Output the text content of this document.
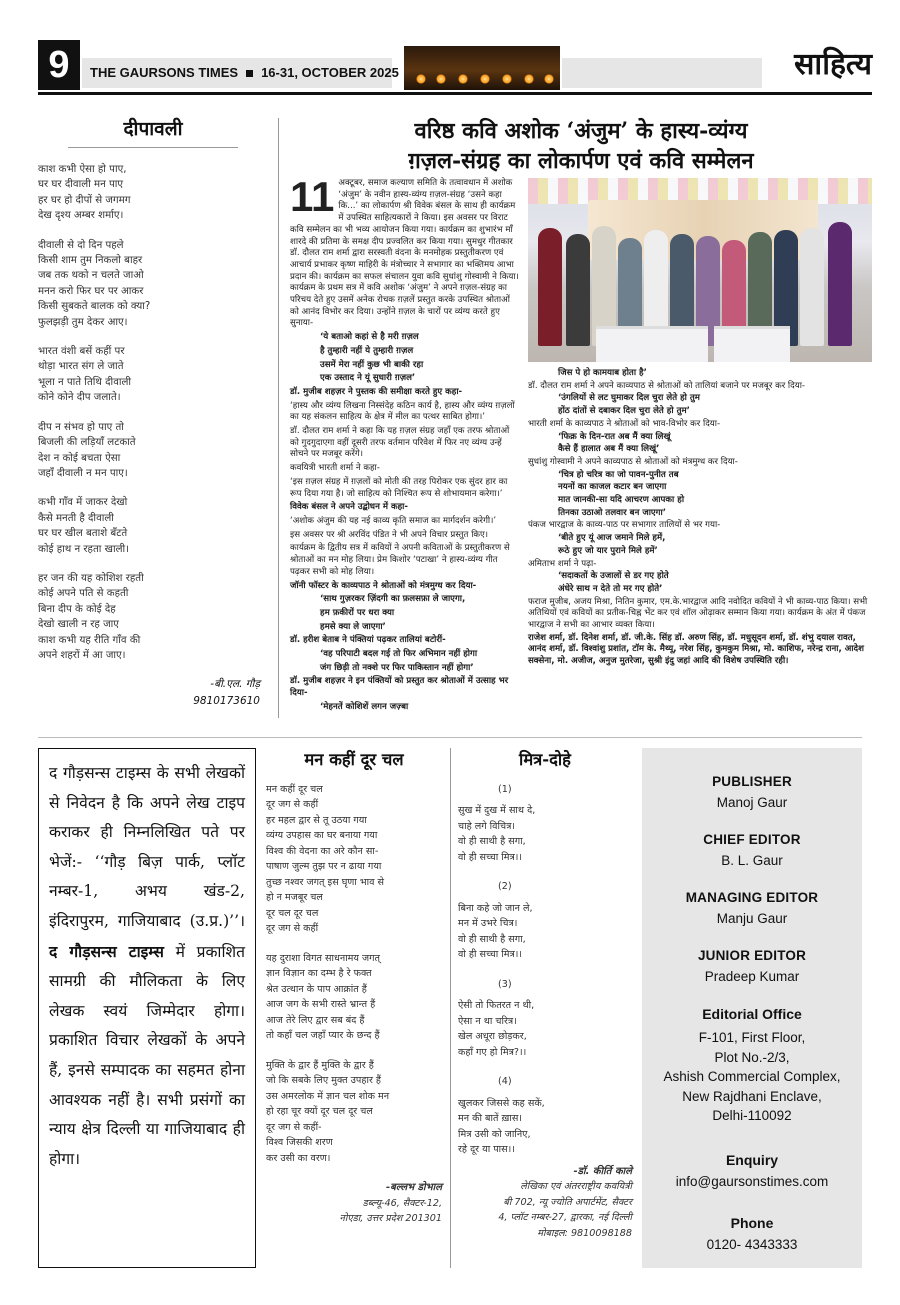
9	THE GAURSONS TIMES 16-31, OCTOBER 2025	साहित्य
दीपावली
काश कभी ऐसा हो पाए,
घर घर दीवाली मन पाए
हर घर हो दीपों से जगमग
देख दृश्य अम्बर शर्माए।
दीवाली से दो दिन पहले
किसी शाम तुम निकलो बाहर
जब तक थको न चलते जाओ
मनन करो फिर घर पर आकर
किसी सुबकते बालक को क्या?
फुलझड़ी तुम देकर आए।
भारत वंशी बसें कहीं पर
थोड़ा भारत संग ले जाते
भूला न पाते तिथि दीवाली
कोने कोने दीप जलाते।
दीप न संभव हो पाए तो
बिजली की लड़ियाँ लटकाते
देश न कोई बचता ऐसा
जहाँ दीवाली न मन पाए।
कभी गाँव में जाकर देखो
कैसे मनती है दीवाली
घर घर खील बताशे बँटते
कोई हाथ न रहता खाली।
हर जन की यह कोशिश रहती
कोई अपने पति से कहती
बिना दीप के कोई देह
देखो खाली न रह जाए
काश कभी यह रीति गाँव की
अपने शहरों में आ जाए।
-बी.एल. गौड़
9810173610
वरिष्ठ कवि अशोक ‘अंजुम’ के हास्य-व्यंग्य
ग़ज़ल-संग्रह का लोकार्पण एवं कवि सम्मेलन

11 अक्टूबर, समाज कल्याण समिति के तत्वावधान में अशोक ‘अंजुम’ के नवीन हास्य-व्यंग्य ग़ज़ल-संग्रह ‘उसने कहा कि...’ का लोकार्पण श्री विवेक बंसल के साथ ही कार्यक्रम में उपस्थित साहित्यकारों ने किया। इस अवसर पर विराट कवि सम्मेलन का भी भव्य आयोजन किया गया। कार्यक्रम का शुभारंभ माँ शारदे की प्रतिमा के समक्ष दीप प्रज्वलित कर किया गया। सुमधुर गीतकार डॉ. दौलत राम शर्मा द्वारा सरस्वती वंदना के मनमोहक प्रस्तुतीकरण एवं आचार्य प्रभाकर कृष्ण माहिरी के मंत्रोच्चार ने सभागार का भक्तिमय आभा प्रदान की। कार्यक्रम का सफल संचालन युवा कवि सुधांशु गोस्वामी ने किया। कार्यक्रम के प्रथम सत्र में कवि अशोक ‘अंजुम’ ने अपने ग़ज़ल-संग्रह का परिचय देते हुए उसमें अनेक रोचक ग़ज़लें प्रस्तुत करके उपस्थित श्रोताओं को आनंद विभोर कर दिया। उन्होंने ग़ज़ल के चारों पर व्यंग्य करते हुए सुनाया-

‘ये बताओ कहां से है मरी ग़ज़ल

है तुम्हारी नहीं ये तुम्हारी ग़ज़ल

उसमें मेरा नहीं कुछ भी बाकी रहा

एक उस्ताद ने यूं सुधारी ग़ज़ल’

डॉ. मुजीब शहज़र ने पुस्तक की समीक्षा करते हुए कहा-

‘हास्य और व्यंग्य लिखना निस्संदेह कठिन कार्य है, हास्य और व्यंग्य ग़ज़लों का यह संकलन साहित्य के क्षेत्र में मील का पत्थर साबित होगा।’

डॉ. दौलत राम शर्मा ने कहा कि यह ग़ज़ल संग्रह जहाँ एक तरफ श्रोताओं को गुदगुदाएगा वहीं दूसरी तरफ वर्तमान परिवेश में फिर नए व्यंग्य उन्हें सोचने पर मजबूर करेंगे।

कवयित्री भारती शर्मा ने कहा-

‘इस ग़ज़ल संग्रह में ग़ज़लों को मोती की तरह पिरोकर एक सुंदर हार का रूप दिया गया है। जो साहित्य को निश्चित रूप से शोभायमान करेगा।’

विवेक बंसल ने अपने उद्बोधन में कहा-

‘अशोक अंजुम की यह नई काव्य कृति समाज का मार्गदर्शन करेगी।’

इस अवसर पर श्री अरविंद पंडित ने भी अपने विचार प्रस्तुत किए।

कार्यक्रम के द्वितीय सत्र में कवियों ने अपनी कविताओं के प्रस्तुतीकरण से श्रोताओं का मन मोह लिया। प्रेम किशोर ‘पटाखा’ ने हास्य-व्यंग्य गीत पढ़कर सभी को मोह लिया।

जॉनी फॉस्टर के काव्यपाठ ने श्रोताओं को मंत्रमुग्ध कर दिया-

‘साथ गुज़रकर ज़िंदगी का फ़लसफ़ा ले जाएगा,

हम फ़कीरों पर धरा क्या

हमसे क्या ले जाएगा’

डॉ. हरीश बेताब ने पंक्तियां पढ़कर तालियां बटोरीं-

‘वह परिपाटी बदल गई तो फिर अभिमान नहीं होगा

जंग छिड़ी तो नक्शे पर फिर पाकिस्तान नहीं होगा’

डॉ. मुजीब शहज़र ने इन पंक्तियों को प्रस्तुत कर श्रोताओं में उत्साह भर दिया-

‘मेहनतें कोशिशें लगन जज़्बा

जिस पे हो कामयाब होता है’

डॉ. दौलत राम शर्मा ने अपने काव्यपाठ से श्रोताओं को तालियां बजाने पर मजबूर कर दिया-

‘उंगलियों से लट घुमाकर दिल चुरा लेते हो तुम

होंठ दांतों से दबाकर दिल चुरा लेते हो तुम’

भारती शर्मा के काव्यपाठ ने श्रोताओं को भाव-विभोर कर दिया-

‘फिक्र के दिन-रात अब मैं क्या लिखूं

कैसे हैं हालात अब मैं क्या लिखूं’

सुधांशु गोस्वामी ने अपने काव्यपाठ से श्रोताओं को मंत्रमुग्ध कर दिया-

‘चित्र हो चरित्र का जो पावन-पुनीत तब

नयनों का काजल कटार बन जाएगा

मात जानकी-सा यदि आचरण आपका हो

तिनका उठाओ तलवार बन जाएगा’

पंकज भारद्वाज के काव्य-पाठ पर सभागार तालियों से भर गया-

‘बीते हुए यूं आज जमाने मिले हमें,

रूठे हुए जो यार पुराने मिले हमें’

अमिताभ शर्मा ने पढ़ा-

‘सदाकतों के उजालों से डर गए होते

अंधेरे साथ न देते तो मर गए होते’

फराज मुजीब, अजय मिश्रा, नितिन कुमार, एम.के.भारद्वाज आदि नवोदित कवियों ने भी काव्य-पाठ किया। सभी अतिथियों एवं कवियों का प्रतीक-चिह्न भेंट कर एवं शॉल ओढ़ाकर सम्मान किया गया। कार्यक्रम के अंत में पंकज भारद्वाज ने सभी का आभार व्यक्त किया।

राजेश शर्मा, डॉ. दिनेश शर्मा, डॉ. जी.के. सिंह डॉ. अरुण सिंह, डॉ. मधुसूदन शर्मा, डॉ. शंभु दयाल रावत, आनंद शर्मा, डॉ. विश्वांशु प्रशांत, टॉम के. मैथ्यू, नरेश सिंह, कुमकुम मिश्रा, मो. काशिफ, नरेन्द्र राना, आदेश सक्सेना, मो. अजीज, अनुज मुतरेजा, सुश्री इंदु जहां आदि की विशेष उपस्थिति रही।

द गौड़सन्स टाइम्स के सभी लेखकों से निवेदन है कि अपने लेख टाइप कराकर ही निम्नलिखित पते पर भेजें:- ‘‘गौड़ बिज़ पार्क, प्लॉट नम्बर-1, अभय खंड-2, इंदिरापुरम, गाजियाबाद (उ.प्र.)’’। द गौड़सन्स टाइम्स में प्रकाशित सामग्री की मौलिकता के लिए लेखक स्वयं जिम्मेदार होगा। प्रकाशित विचार लेखकों के अपने हैं, इनसे सम्पादक का सहमत होना आवश्यक नहीं है। सभी प्रसंगों का न्याय क्षेत्र दिल्ली या गाजियाबाद ही होगा।
मन कहीं दूर चल
मन कहीं दूर चल
दूर जग से कहीं
हर महल द्वार से तू उठया गया
व्यंग्य उपहास का घर बनाया गया
विश्व की वेदना का अरे कौन सा-
पाषाण जुल्म तुझ पर न ढाया गया
तुच्छ नश्वर जगत् इस घृणा भाव से
हो न मजबूर चल
दूर चल दूर चल
दूर जग से कहीं
यह दुराशा विगत साधनामय जगत्
ज्ञान विज्ञान का दम्भ है रे फक्त
श्रेत उत्थान के पाप आक्रांत हैं
आज जग के सभी रास्ते भ्रान्त हैं
आज तेरे लिए द्वार सब बंद हैं
तो कहाँ चल जहाँ प्यार के छन्द हैं
मुक्ति के द्वार हैं मुक्ति के द्वार हैं
जो कि सबके लिए मुक्त उपहार हैं
उस अमरलोक में ज्ञान चल शोक मन
हो रहा चूर क्यों दूर चल दूर चल
दूर जग से कहीं-
विश्व जिसकी शरण
कर उसी का वरण।
-बल्लभ डोभाल
डब्ल्यू-46, सैक्टर-12,
नोएडा, उत्तर प्रदेश 201301
मित्र-दोहे
(1)
सुख में दुख में साथ दे,
चाहे लगे विचित्र।
वो ही साथी है सगा,
वो ही सच्चा मित्र।।
(2)
बिना कहे जो जान ले,
मन में उभरे चित्र।
वो ही साथी है सगा,
वो ही सच्चा मित्र।।
(3)
ऐसी तो फितरत न थी,
ऐसा न था चरित्र।
खेल अधूरा छोड़कर,
कहाँ गए हो मित्र?।।
(4)
खुलकर जिससे कह सकें,
मन की बातें ख़ास।
मित्र उसी को जानिए,
रहे दूर या पास।।
-डॉ. कीर्ति काले
लेखिका एवं अंतरराष्ट्रीय कवयित्री
बी 702, न्यू ज्योति अपार्टमेंट, सैक्टर
4, प्लॉट नम्बर-27, द्वारका, नई दिल्ली
मोबाइल: 9810098188
PUBLISHER
Manoj Gaur
CHIEF EDITOR
B. L. Gaur
MANAGING EDITOR
Manju Gaur
JUNIOR EDITOR
Pradeep Kumar
Editorial Office
F-101, First Floor,
Plot No.-2/3,
Ashish Commercial Complex,
New Rajdhani Enclave,
Delhi-110092
Enquiry
info@gaursonstimes.com
Phone
0120- 4343333
